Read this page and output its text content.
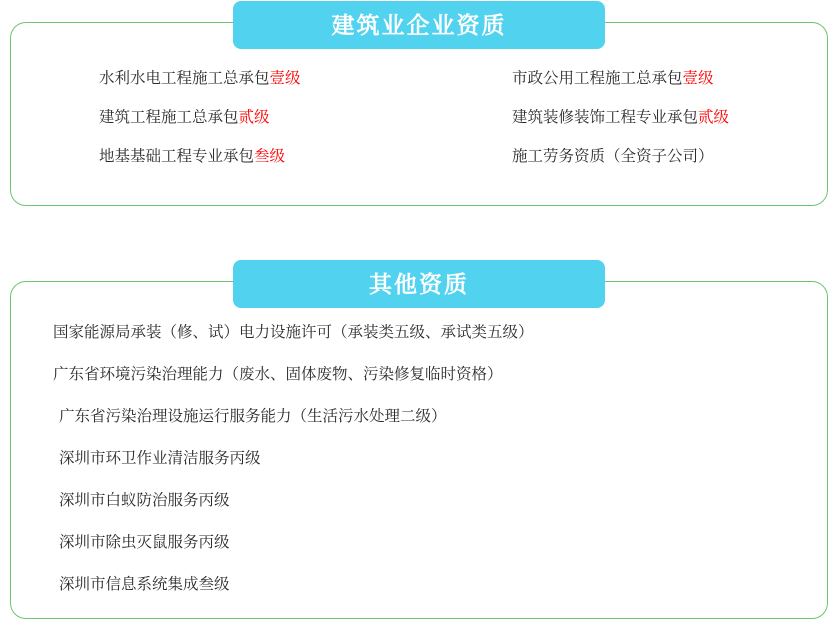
建筑业企业资质
水利水电工程施工总承包壹级	市政公用工程施工总承包壹级
建筑工程施工总承包贰级	建筑装修装饰工程专业承包贰级
地基基础工程专业承包叁级	施工劳务资质（全资子公司）
其他资质
国家能源局承装（修、试）电力设施许可（承装类五级、承试类五级）
广东省环境污染治理能力（废水、固体废物、污染修复临时资格）
广东省污染治理设施运行服务能力（生活污水处理二级）
深圳市环卫作业清洁服务丙级
深圳市白蚁防治服务丙级
深圳市除虫灭鼠服务丙级
深圳市信息系统集成叁级
